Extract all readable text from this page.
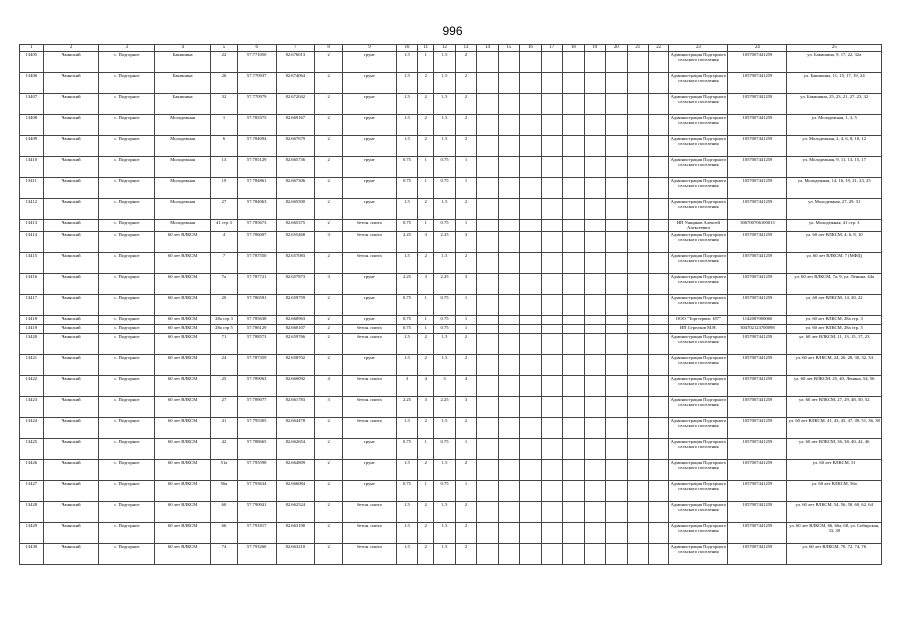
996
1	2	3	4	5	6	7	8	9	10	11	12	13	14	15	16	17	18	19	20	21	22	23	24	25
13405	Чаинский	с. Подгорное	Бакишина	22	57.771050	82.676013	2	грунт	1.5	1	1.5	2										Администрация Подгорного сельского поселения	1057007441259	ул. Бакишина, 9, 17, 22, 32а
13406	Чаинский	с. Подгорное	Бакишина	26	57.770937	82.674064	2	грунт	1.5	2	1.5	2										Администрация Подгорного сельского поселения	1057007441259	ул. Бакишина, 11, 15, 17, 19, 24
13407	Чаинский	с. Подгорное	Бакишина	32	57.770979	82.672042	2	грунт	1.5	2	1.5	2										Администрация Подгорного сельского поселения	1057007441259	ул. Бакишина, 25, 23, 21, 27, 23, 32
13408	Чаинский	с. Подгорное	Молодежная	1	57.783375	82.669167	2	грунт	1.5	2	1.5	2										Администрация Подгорного сельского поселения	1057007441259	ул. Молодежная, 1, 3, 5
13409	Чаинский	с. Подгорное	Молодежная	6	57.784094	82.667679	2	грунт	1.5	2	1.5	2										Администрация Подгорного сельского поселения	1057007441259	ул. Молодежная, 2, 4, 6, 8, 10, 12
13410	Чаинский	с. Подгорное	Молодежная	13	57.785129	82.665736	2	грунт	0.75	1	0.75	1										Администрация Подгорного сельского поселения	1057007441259	ул. Молодежная, 9, 11, 13, 15, 17
13411	Чаинский	с. Подгорное	Молодежная	19	57.784861	82.667306	2	грунт	0.75	1	0.75	1										Администрация Подгорного сельского поселения	1057007441259	ул. Молодежная, 14, 16, 19, 21, 23, 25
13412	Чаинский	с. Подгорное	Молодежная	27	57.784063	82.665500	2	грунт	1.5	2	1.5	2										Администрация Подгорного сельского поселения	1057007441259	ул. Молодежная, 27, 29, 31
13413	Чаинский	с. Подгорное	Молодежная	41 стр 3	57.785673	82.665375	2	бетон. плита	0.75	1	0.75	1										ИП Унщиков Алексей Алексеевич	306700706100013	ул. Молодежная, 41 стр. 3
13414	Чаинский	с. Подгорное	60 лет ВЛКСМ	4	57.786007	82.655468	3	бетон. плита	2.25	3	2.25	3										Администрация Подгорного сельского поселения	1057007441259	ул. 60 лет ВЛКСМ, 4, 6, 8, 10
13415	Чаинский	с. Подгорное	60 лет ВЛКСМ	7	57.787550	82.657083	2	бетон. плита	1.5	2	1.5	2										Администрация Подгорного сельского поселения	1057007441259	ул. 60 лет ВЛКСМ, 7 (МФЦ)
13416	Чаинский	с. Подгорное	60 лет ВЛКСМ	7а	57.787721	82.657873	3	грунт	2.25	3	2.25	3										Администрация Подгорного сельского поселения	1057007441259	ул. 60 лет ВЛКСМ, 7а, 9, ул. Ленина, 44а
13417	Чаинский	с. Подгорное	60 лет ВЛКСМ	20	57.786591	82.659759	2	грунт	0.75	1	0.75	1										Администрация Подгорного сельского поселения	1057007441259	ул. 60 лет ВЛКСМ, 14, 20, 22
13418	Чаинский	с. Подгорное	60 лет ВЛКСМ	28а стр 3	57.785638	82.660963	2	грунт	0.75	1	0.75	1										ООО "Торгсервис 187"	1142007000060	ул. 60 лет ВЛКСМ, 28а стр. 3
13419	Чаинский	с. Подгорное	60 лет ВЛКСМ	28а стр 5	57.786129	82.660107	2	бетон. плита	0.75	1	0.75	1										ИП Стрелков М.Н.	304702123700098	ул. 60 лет ВЛКСМ, 28а стр. 5
13420	Чаинский	с. Подгорное	60 лет ВЛКСМ	71	57.788573	82.659766	2	бетон. плита	1.5	2	1.5	2										Администрация Подгорного сельского поселения	1057007441259	ул. 60 лет ВЛКСМ, 11, 13, 15, 17, 23
13421	Чаинский	с. Подгорное	60 лет ВЛКСМ	24	57.787359	82.658702	2	грунт	1.5	2	1.5	2										Администрация Подгорного сельского поселения	1057007441259	ул. 60 лет ВЛКСМ, 24, 26, 28, 30, 32, 34
13422	Чаинский	с. Подгорное	60 лет ВЛКСМ	25	57.789063	82.660092	4	бетон. плита	3	4	3	4										Администрация Подгорного сельского поселения	1057007441259	ул. 60 лет ВЛКСМ, 25, 40, Ленина, 54, 56
13423	Чаинский	с. Подгорное	60 лет ВЛКСМ	27	57.789077	82.661783	3	бетон. плита	2.25	3	2.25	3										Администрация Подгорного сельского поселения	1057007441259	ул. 60 лет ВЛКСМ, 27, 29, 48, 50, 52
13424	Чаинский	с. Подгорное	60 лет ВЛКСМ	41	57.795305	82.664478	2	бетон. плита	1.5	2	1.5	2										Администрация Подгорного сельского поселения	1057007441259	ул. 60 лет ВЛКСМ, 41, 43, 45, 47, 49, 51, 36, 38
13425	Чаинский	с. Подгорное	60 лет ВЛКСМ	42	57.788665	82.662654	2	грунт	0.75	1	0.75	1										Администрация Подгорного сельского поселения	1057007441259	ул. 60 лет ВЛКСМ, 36, 38, 40, 42, 46
13426	Чаинский	с. Подгорное	60 лет ВЛКСМ	51а	57.795598	82.664809	2	грунт	1.5	2	1.5	2										Администрация Подгорного сельского поселения	1057007441259	ул. 60 лет ВЛКСМ, 51
13427	Чаинский	с. Подгорное	60 лет ВЛКСМ	56а	57.793634	82.666084	2	грунт	0.75	1	0.75	1										Администрация Подгорного сельского поселения	1057007441259	ул. 60 лет ВЛКСМ, 56а
13428	Чаинский	с. Подгорное	60 лет ВЛКСМ	60	57.790041	82.662524	2	бетон. плита	1.5	2	1.5	2										Администрация Подгорного сельского поселения	1057007441259	ул. 60 лет ВЛКСМ, 54, 56, 58, 60, 62, 64
13429	Чаинский	с. Подгорное	60 лет ВЛКСМ	66	57.791817	82.663190	2	бетон. плита	1.5	2	1.5	2										Администрация Подгорного сельского поселения	1057007441259	ул. 60 лет ВЛКСМ, 66, 66а, 68, ул. Сибирская, 33, 38
13430	Чаинский	с. Подгорное	60 лет ВЛКСМ	74	57.793260	82.663210	2	бетон. плита	1.5	2	1.5	2										Администрация Подгорного сельского поселения	1057007441259	ул. 60 лет ВЛКСМ, 70, 72, 74, 76
